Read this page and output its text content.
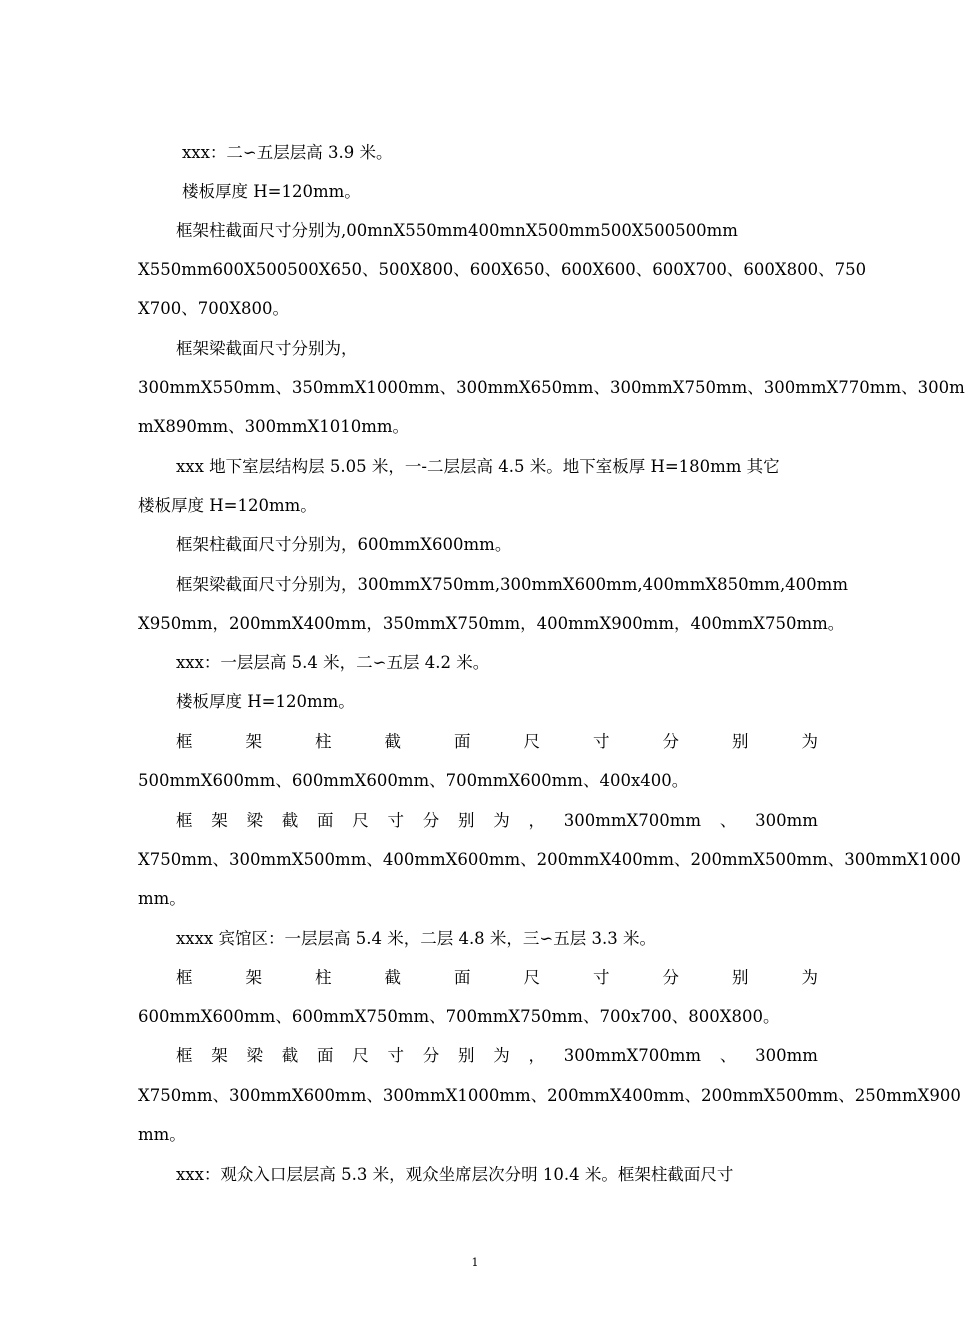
xxx：二∽五层层高 3.9 米。
楼板厚度 H=120mm。
框架柱截面尺寸分别为,00mnX550mm400mnX500mm500X500500mm
X550mm600X500500X650、500X800、600X650、600X600、600X700、600X800、750
X700、700X800。
框架梁截面尺寸分别为，
300mmX550mm、350mmX1000mm、300mmX650mm、300mmX750mm、300mmX770mm、300m
mX890mm、300mmX1010mm。
xxx 地下室层结构层 5.05 米，一-二层层高 4.5 米。地下室板厚 H=180mm 其它
楼板厚度 H=120mm。
框架柱截面尺寸分别为，600mmX600mm。
框架梁截面尺寸分别为，300mmX750mm,300mmX600mm,400mmX850mm,400mm
X950mm，200mmX400mm，350mmX750mm，400mmX900mm，400mmX750mm。
xxx：一层层高 5.4 米，二∽五层 4.2 米。
楼板厚度 H=120mm。
框	架	柱	截	面	尺	寸	分	别	为
500mmX600mm、600mmX600mm、700mmX600mm、400x400。
框 架 梁 截 面 尺 寸 分 别 为 ， 300mmX700mm 、 300mm
X750mm、300mmX500mm、400mmX600mm、200mmX400mm、200mmX500mm、300mmX1000
mm。
xxxx 宾馆区：一层层高 5.4 米，二层 4.8 米，三∽五层 3.3 米。
框	架	柱	截	面	尺	寸	分	别	为
600mmX600mm、600mmX750mm、700mmX750mm、700x700、800X800。
框 架 梁 截 面 尺 寸 分 别 为 ， 300mmX700mm 、 300mm
X750mm、300mmX600mm、300mmX1000mm、200mmX400mm、200mmX500mm、250mmX900
mm。
xxx：观众入口层层高 5.3 米，观众坐席层次分明 10.4 米。框架柱截面尺寸
1
